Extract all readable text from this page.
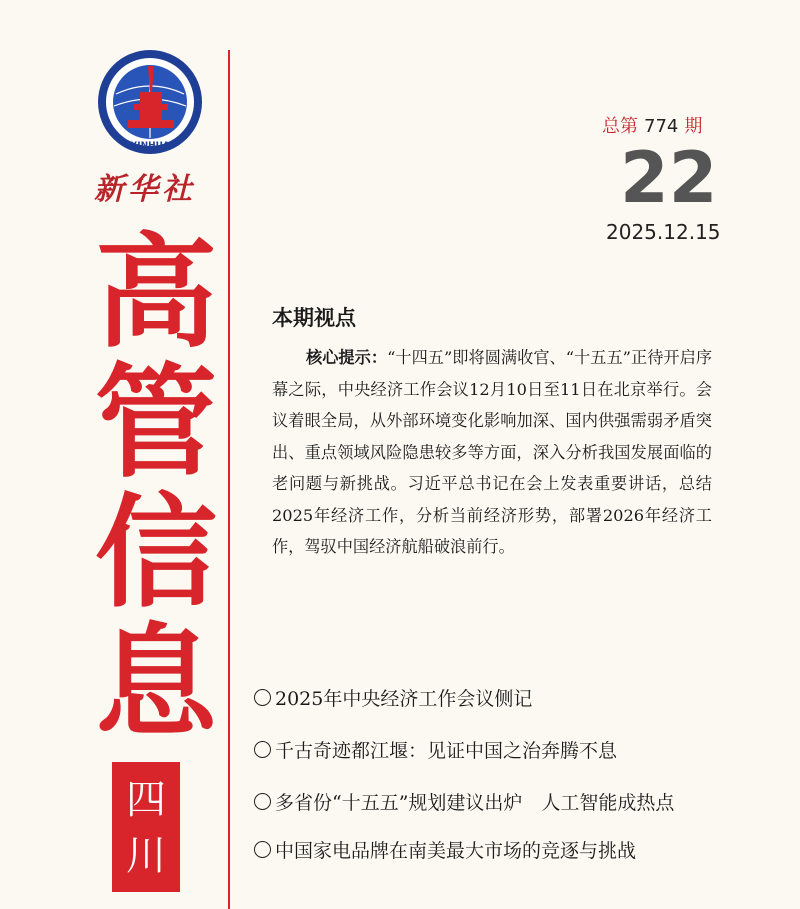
XINHUA
新华社
高
管
信
息
四
川
总第 774 期
22
2025.12.15
本期视点
核心提示：“十四五”即将圆满收官、“十五五”正待开启序幕之际，中央经济工作会议12月10日至11日在北京举行。会议着眼全局，从外部环境变化影响加深、国内供强需弱矛盾突出、重点领域风险隐患较多等方面，深入分析我国发展面临的老问题与新挑战。习近平总书记在会上发表重要讲话，总结2025年经济工作，分析当前经济形势，部署2026年经济工作，驾驭中国经济航船破浪前行。
2025年中央经济工作会议侧记
千古奇迹都江堰：见证中国之治奔腾不息
多省份“十五五”规划建议出炉　人工智能成热点
中国家电品牌在南美最大市场的竞逐与挑战
